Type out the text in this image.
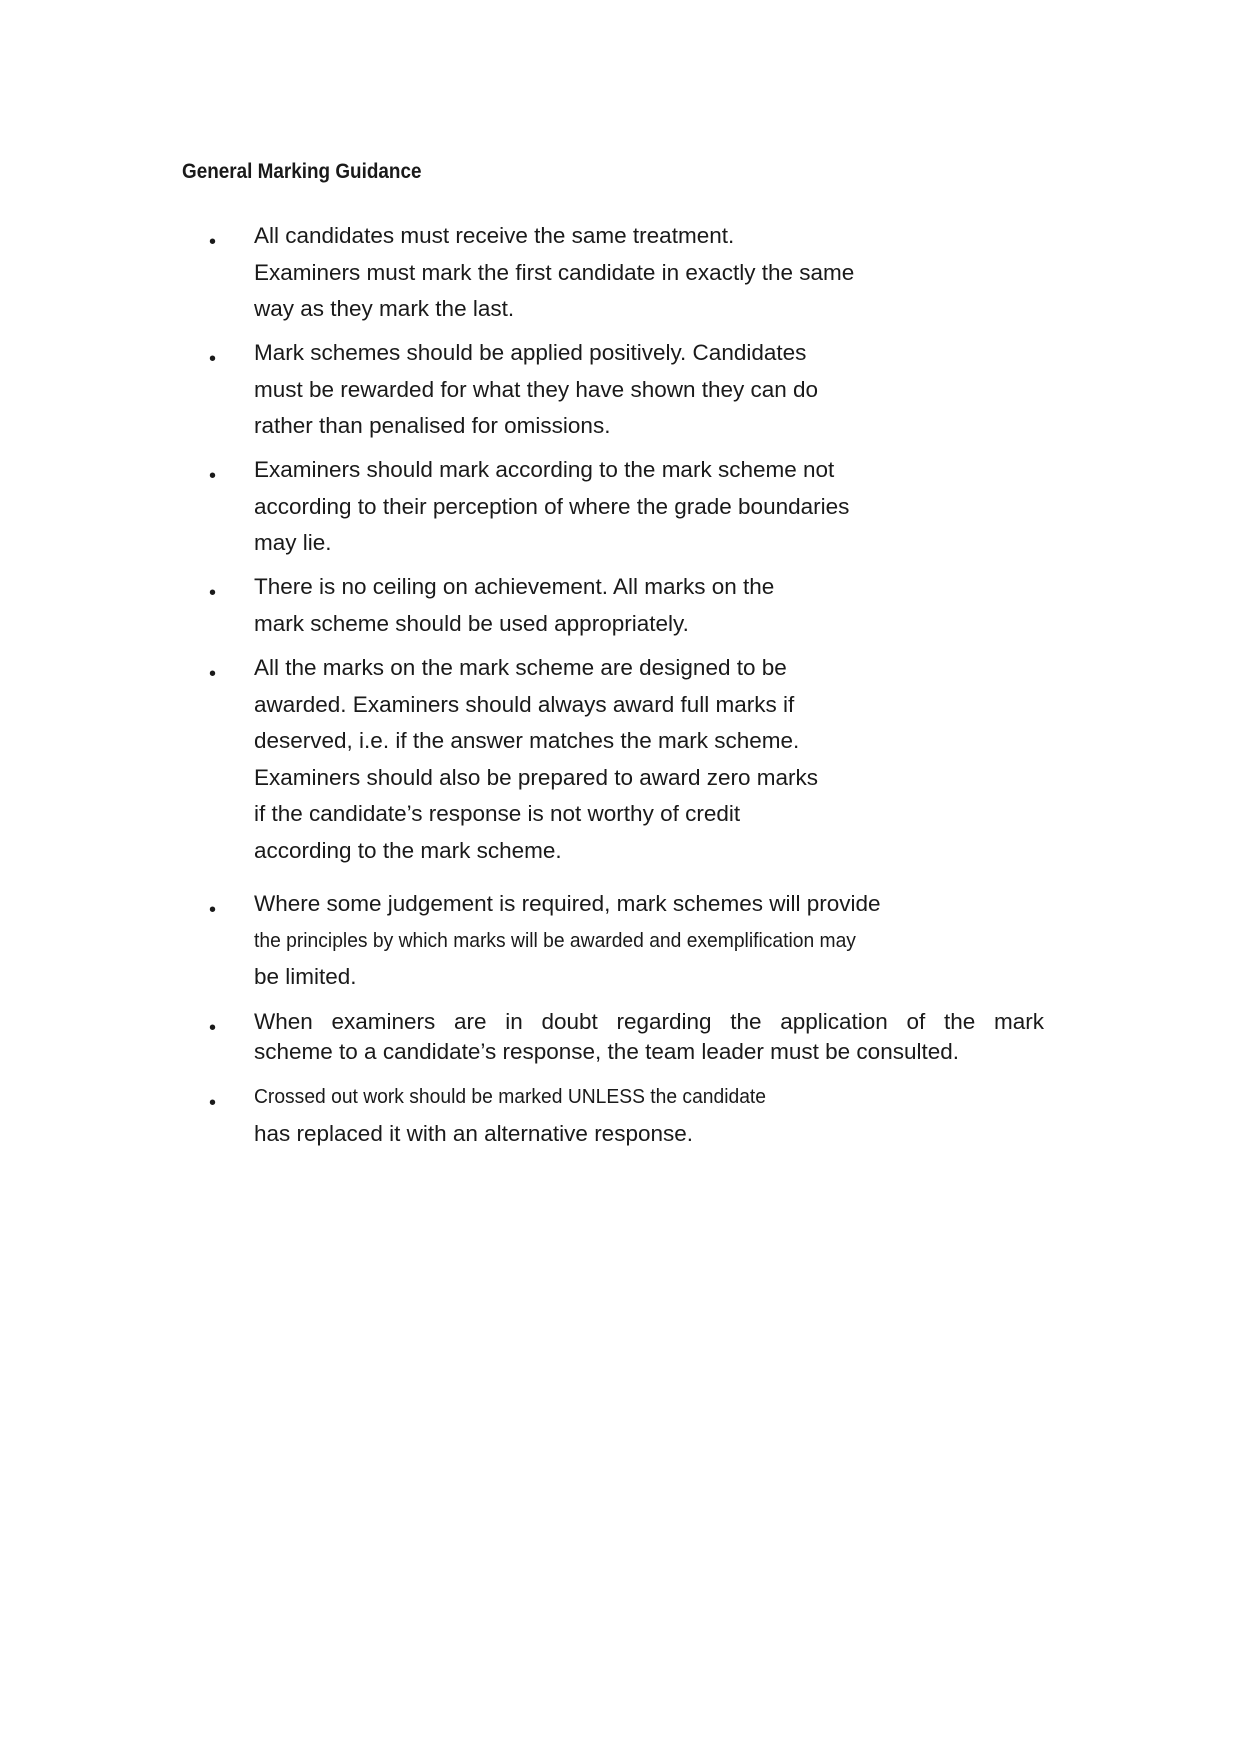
General Marking Guidance
• All candidates must receive the same treatment.
Examiners must mark the first candidate in exactly the same
way as they mark the last.
• Mark schemes should be applied positively. Candidates
must be rewarded for what they have shown they can do
rather than penalised for omissions.
• Examiners should mark according to the mark scheme not
according to their perception of where the grade boundaries
may lie.
• There is no ceiling on achievement. All marks on the
mark scheme should be used appropriately.
• All the marks on the mark scheme are designed to be
awarded. Examiners should always award full marks if
deserved, i.e. if the answer matches the mark scheme.
Examiners should also be prepared to award zero marks
if the candidate’s response is not worthy of credit
according to the mark scheme.
• Where some judgement is required, mark schemes will provide
the principles by which marks will be awarded and exemplification may
be limited.
• When examiners are in doubt regarding the application of the mark
scheme to a candidate’s response, the team leader must be consulted.
• Crossed out work should be marked UNLESS the candidate
has replaced it with an alternative response.
